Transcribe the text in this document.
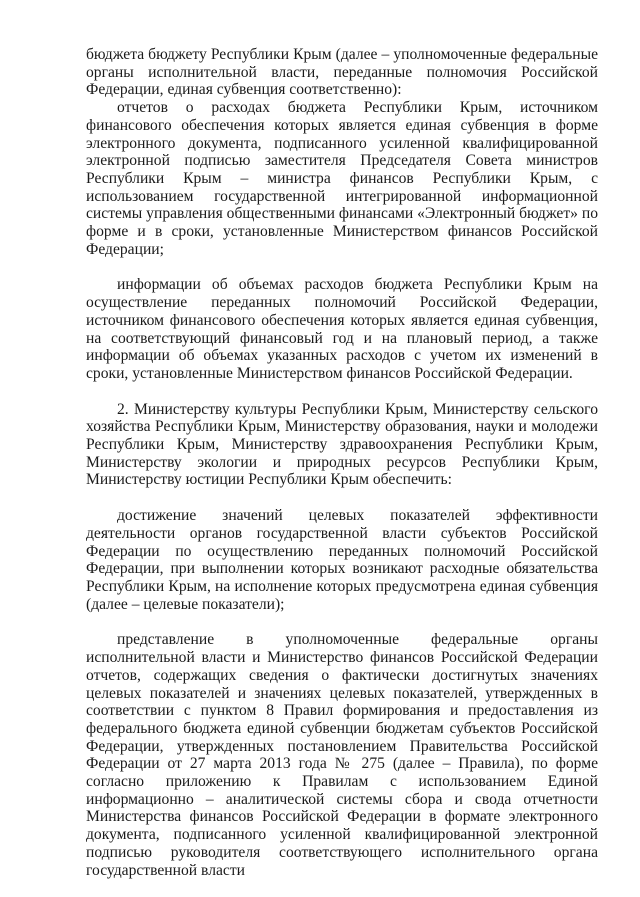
бюджета бюджету Республики Крым (далее – уполномоченные федеральные органы исполнительной власти, переданные полномочия Российской Федерации, единая субвенция соответственно):

отчетов о расходах бюджета Республики Крым, источником финансового обеспечения которых является единая субвенция в форме электронного документа, подписанного усиленной квалифицированной электронной подписью заместителя Председателя Совета министров Республики Крым – министра финансов Республики Крым, с использованием государственной интегрированной информационной системы управления общественными финансами «Электронный бюджет» по форме и в сроки, установленные Министерством финансов Российской Федерации;

информации об объемах расходов бюджета Республики Крым на осуществление переданных полномочий Российской Федерации, источником финансового обеспечения которых является единая субвенция, на соответствующий финансовый год и на плановый период, а также информации об объемах указанных расходов с учетом их изменений в сроки, установленные Министерством финансов Российской Федерации.

2. Министерству культуры Республики Крым, Министерству сельского хозяйства Республики Крым, Министерству образования, науки и молодежи Республики Крым, Министерству здравоохранения Республики Крым, Министерству экологии и природных ресурсов Республики Крым, Министерству юстиции Республики Крым обеспечить:

достижение значений целевых показателей эффективности деятельности органов государственной власти субъектов Российской Федерации по осуществлению переданных полномочий Российской Федерации, при выполнении которых возникают расходные обязательства Республики Крым, на исполнение которых предусмотрена единая субвенция (далее – целевые показатели);

представление в уполномоченные федеральные органы исполнительной власти и Министерство финансов Российской Федерации отчетов, содержащих сведения о фактически достигнутых значениях целевых показателей и значениях целевых показателей, утвержденных в соответствии с пунктом 8 Правил формирования и предоставления из федерального бюджета единой субвенции бюджетам субъектов Российской Федерации, утвержденных постановлением Правительства Российской Федерации от 27 марта 2013 года № 275 (далее – Правила), по форме согласно приложению к Правилам с использованием Единой информационно – аналитической системы сбора и свода отчетности Министерства финансов Российской Федерации в формате электронного документа, подписанного усиленной квалифицированной электронной подписью руководителя соответствующего исполнительного органа государственной власти
